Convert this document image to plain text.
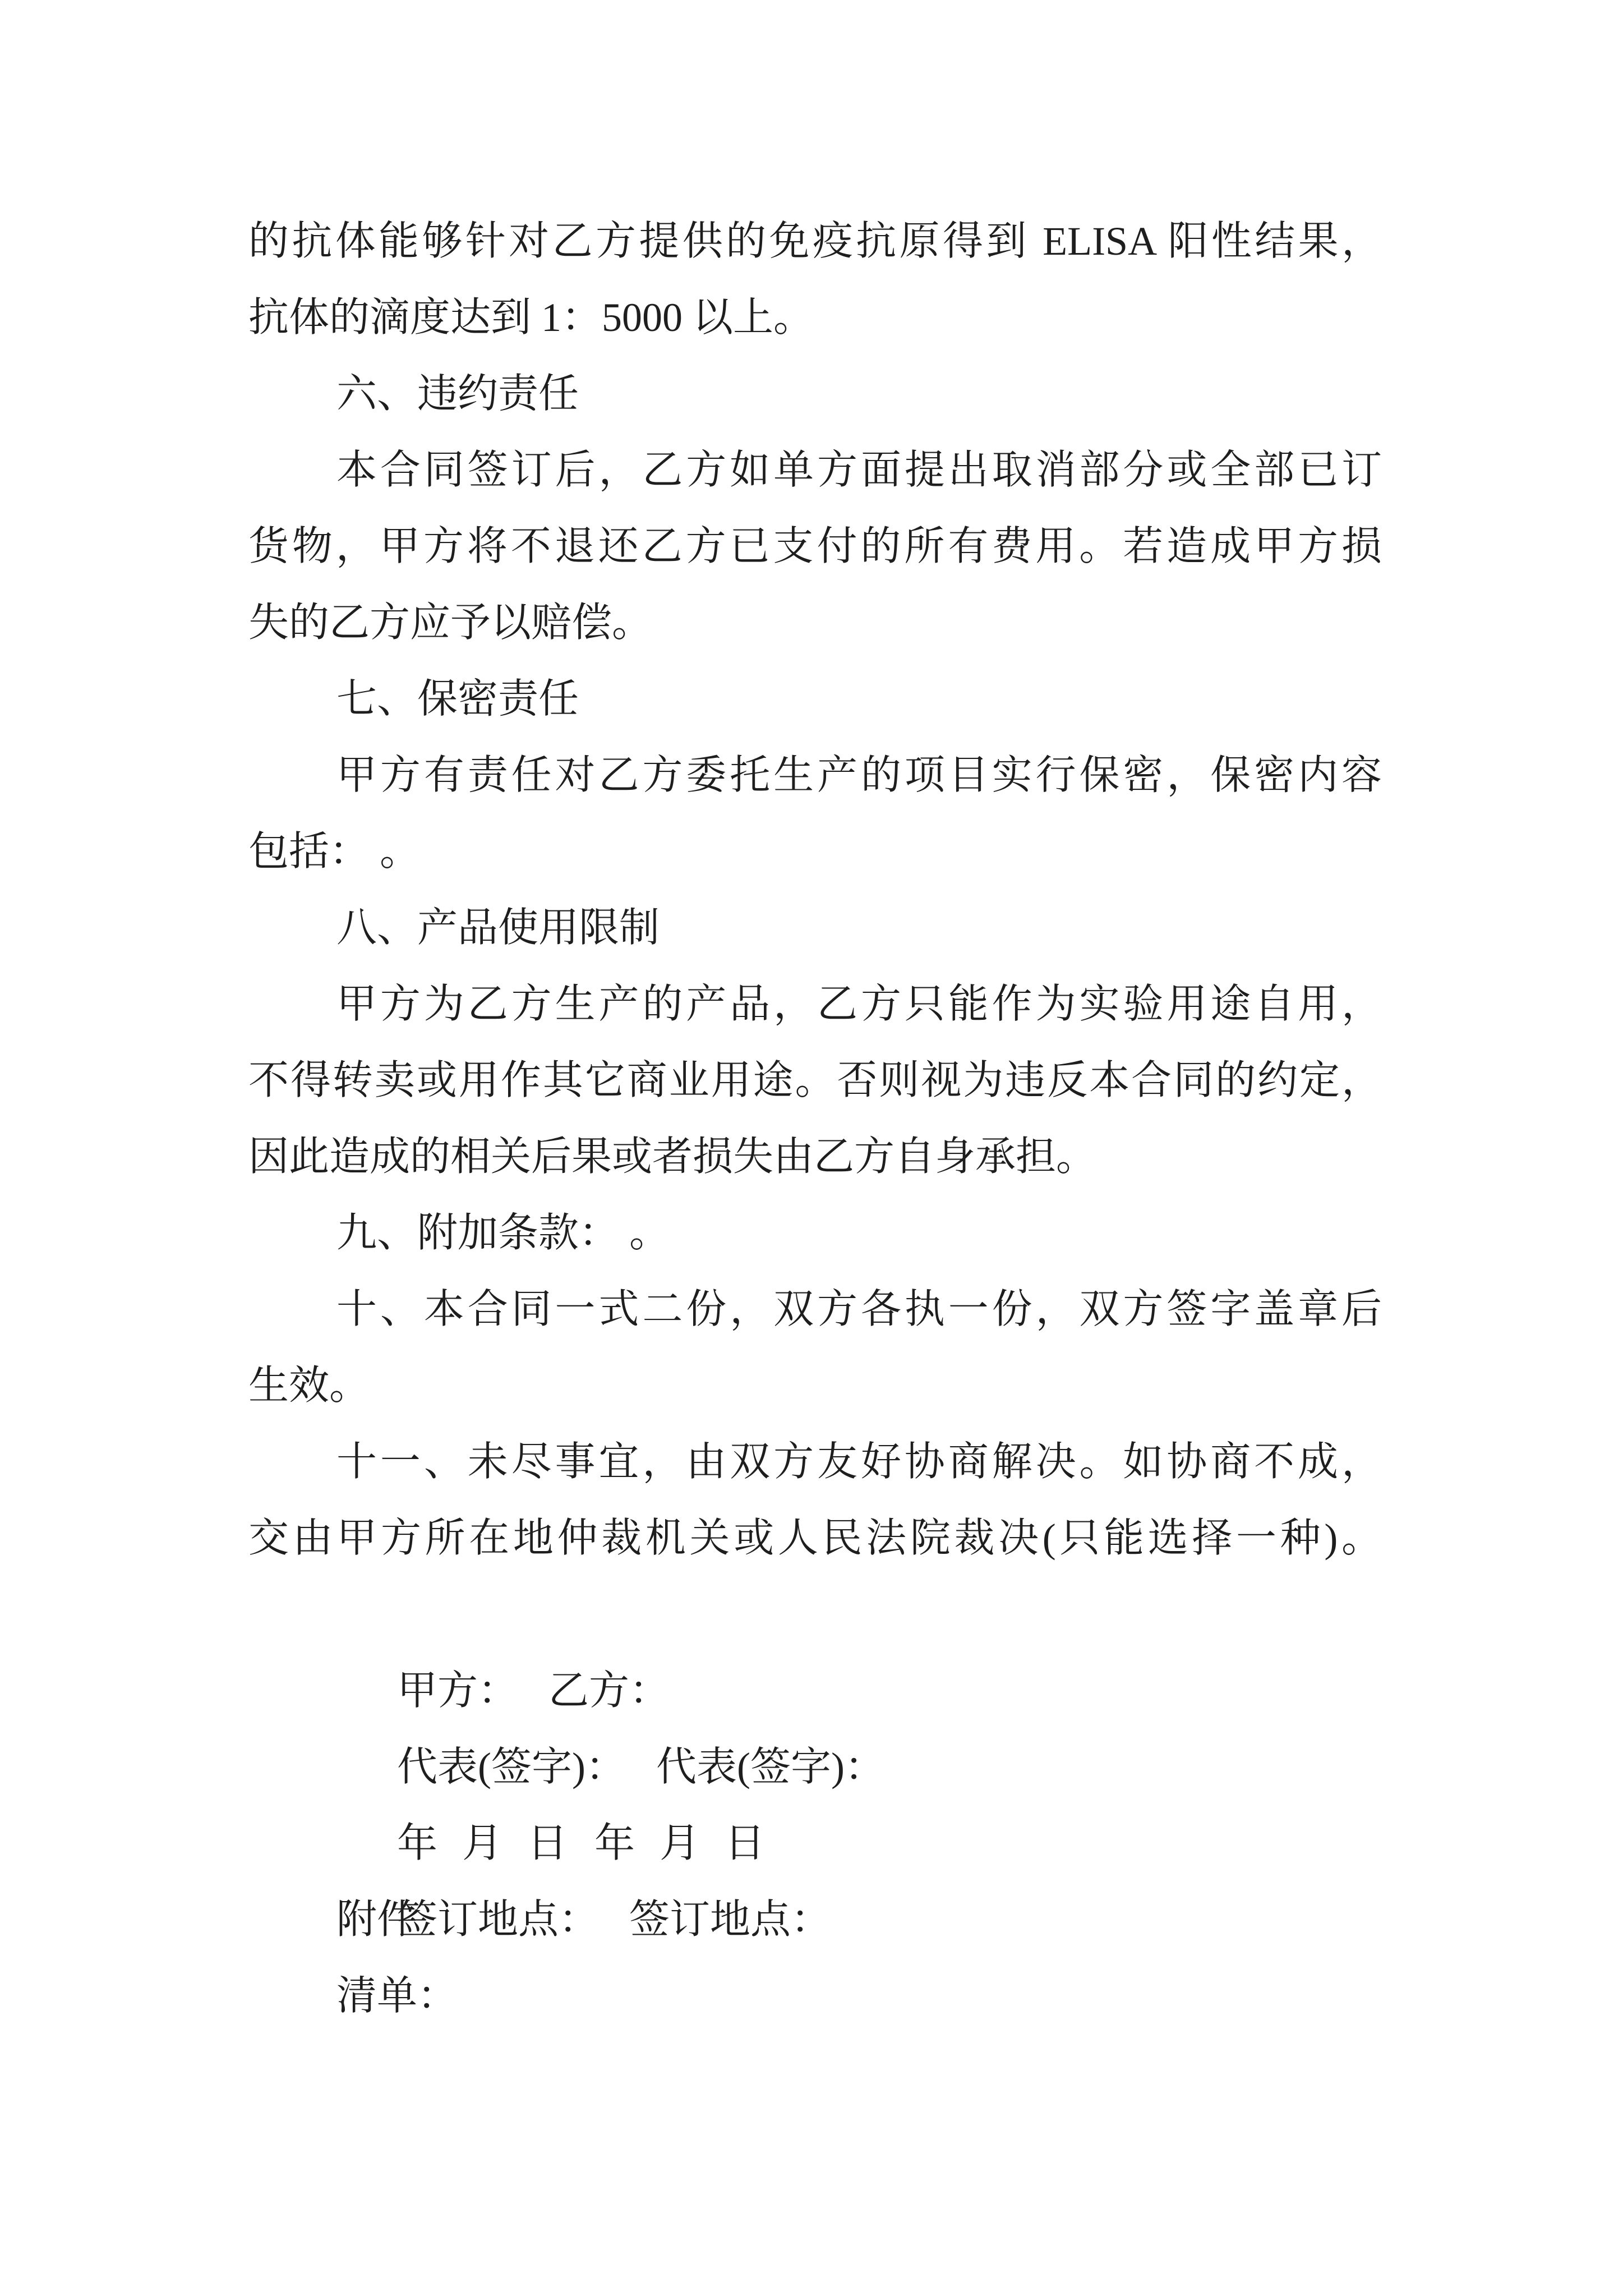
的抗体能够针对乙方提供的免疫抗原得到 ELISA 阳性结果，
抗体的滴度达到 1：5000 以上。
六、违约责任
本合同签订后，乙方如单方面提出取消部分或全部已订
货物，甲方将不退还乙方已支付的所有费用。若造成甲方损
失的乙方应予以赔偿。
七、保密责任
甲方有责任对乙方委托生产的项目实行保密，保密内容
包括： 。
八、产品使用限制
甲方为乙方生产的产品，乙方只能作为实验用途自用，
不得转卖或用作其它商业用途。否则视为违反本合同的约定，
因此造成的相关后果或者损失由乙方自身承担。
九、附加条款： 。
十、本合同一式二份，双方各执一份，双方签字盖章后
生效。
十一、未尽事宜，由双方友好协商解决。如协商不成，
交由甲方所在地仲裁机关或人民法院裁决(只能选择一种)。

甲方： 乙方：

代表(签字)： 代表(签字)：

年 月 日 年 月 日

签订地点： 签订地点：

附件
清单：
